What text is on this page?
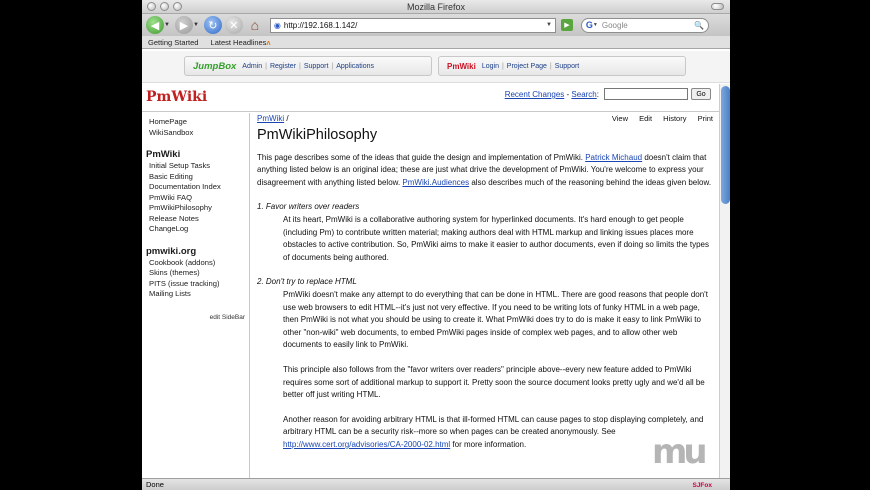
Mozilla Firefox
◀ ▼ ▶ ▼ ↻	✕ ⌂	◉ http://192.168.1.142/	▼	▶	G ▼ Google	🔍
Getting Started Latest Headlinesʌ
JumpBox Admin | Register | Support | Applications	PmWiki Login | Project Page | Support
PmWiki	Recent Changes - Search:	Go
HomePage
WikiSandbox
PmWiki
Initial Setup Tasks
Basic Editing
Documentation Index
PmWiki FAQ
PmWikiPhilosophy
Release Notes
ChangeLog
pmwiki.org
Cookbook (addons)
Skins (themes)
PITS (issue tracking)
Mailing Lists
edit SideBar
View Edit History Print
PmWiki /
PmWikiPhilosophy
This page describes some of the ideas that guide the design and implementation of PmWiki. Patrick Michaud doesn't claim that anything listed below is an original idea; these are just what drive the development of PmWiki. You're welcome to express your disagreement with anything listed below. PmWiki.Audiences also describes much of the reasoning behind the ideas given below.
1. Favor writers over readers
At its heart, PmWiki is a collaborative authoring system for hyperlinked documents. It's hard enough to get people (including Pm) to contribute written material; making authors deal with HTML markup and linking issues places more obstacles to active contribution. So, PmWiki aims to make it easier to author documents, even if doing so limits the types of documents being authored.
2. Don't try to replace HTML
PmWiki doesn't make any attempt to do everything that can be done in HTML. There are good reasons that people don't use web browsers to edit HTML--it's just not very effective. If you need to be writing lots of funky HTML in a web page, then PmWiki is not what you should be using to create it. What PmWiki does try to do is make it easy to link PmWiki to other "non-wiki" web documents, to embed PmWiki pages inside of complex web pages, and to allow other web documents to easily link to PmWiki.
This principle also follows from the "favor writers over readers" principle above--every new feature added to PmWiki requires some sort of additional markup to support it. Pretty soon the source document looks pretty ugly and we'd all be better off just writing HTML.
Another reason for avoiding arbitrary HTML is that ill-formed HTML can cause pages to stop displaying completely, and arbitrary HTML can be a security risk--more so when pages can be created anonymously. See http://www.cert.org/advisories/CA-2000-02.html for more information.
Done	SJFox
mu
